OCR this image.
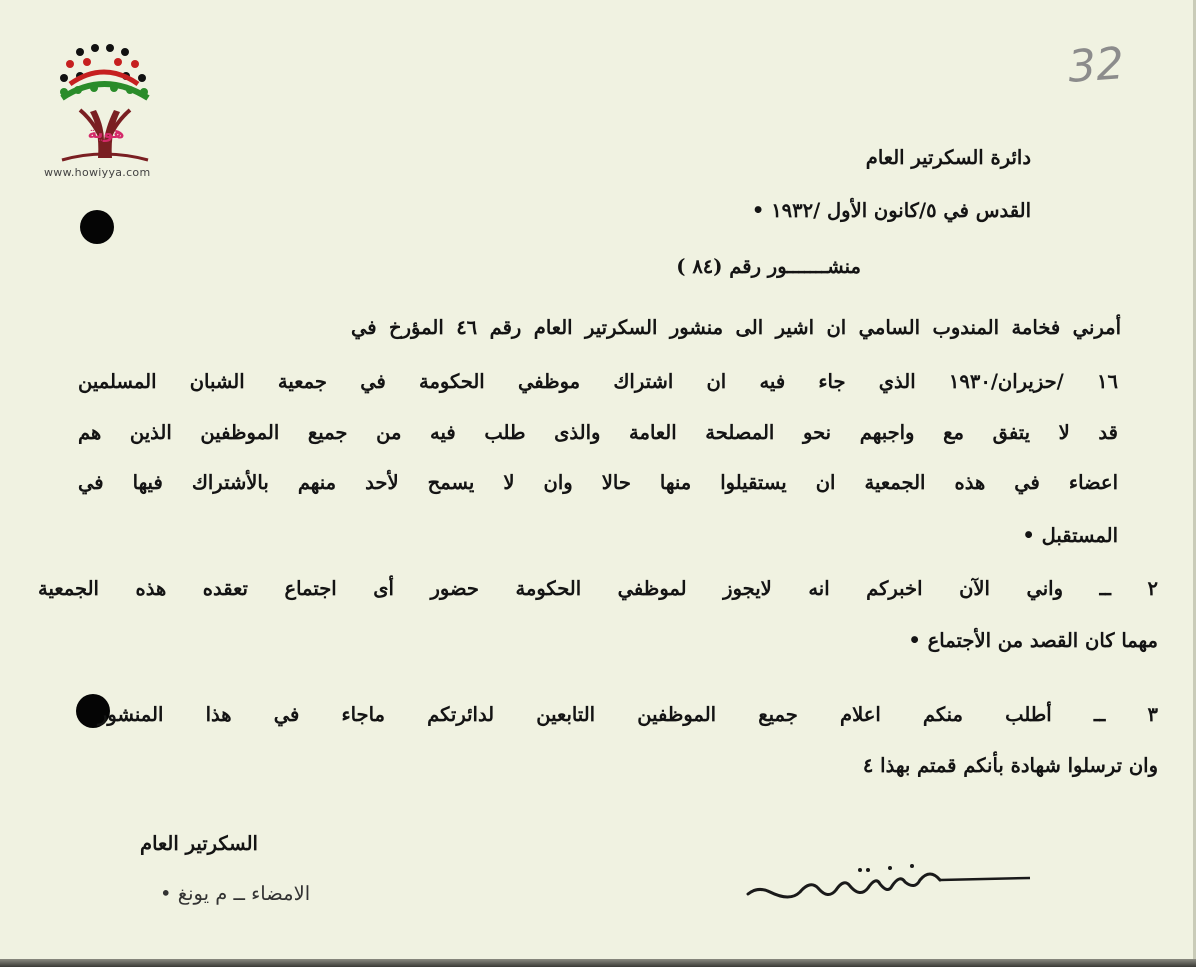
هوية
www.howiyya.com
32
دائرة السكرتير العام
القدس في ٥/كانون الأول /١٩٣٢ •
منشـــــــور رقم (٨٤ )
أمرني فخامة المندوب السامي ان اشير الى منشور السكرتير العام رقم ٤٦ المؤرخ في
١٦ /حزيران/١٩٣٠ الذي جاء فيه ان اشتراك موظفي الحكومة في جمعية الشبان المسلمين
قد لا يتفق مع واجبهم نحو المصلحة العامة والذى طلب فيه من جميع الموظفين الذين هم
اعضاء في هذه الجمعية ان يستقيلوا منها حالا وان لا يسمح لأحد منهم بالأشتراك فيها في
المستقبل •
٢ ــ واني الآن اخبركم انه لايجوز لموظفي الحكومة حضور أى اجتماع تعقده هذه الجمعية
مهما كان القصد من الأجتماع •
٣ ــ أطلب منكم اعلام جميع الموظفين التابعين لدائرتكم ماجاء في هذا المنشور
وان ترسلوا شهادة بأنكم قمتم بهذا ٤
السكرتير العام
الامضاء ــ م يونغ •
